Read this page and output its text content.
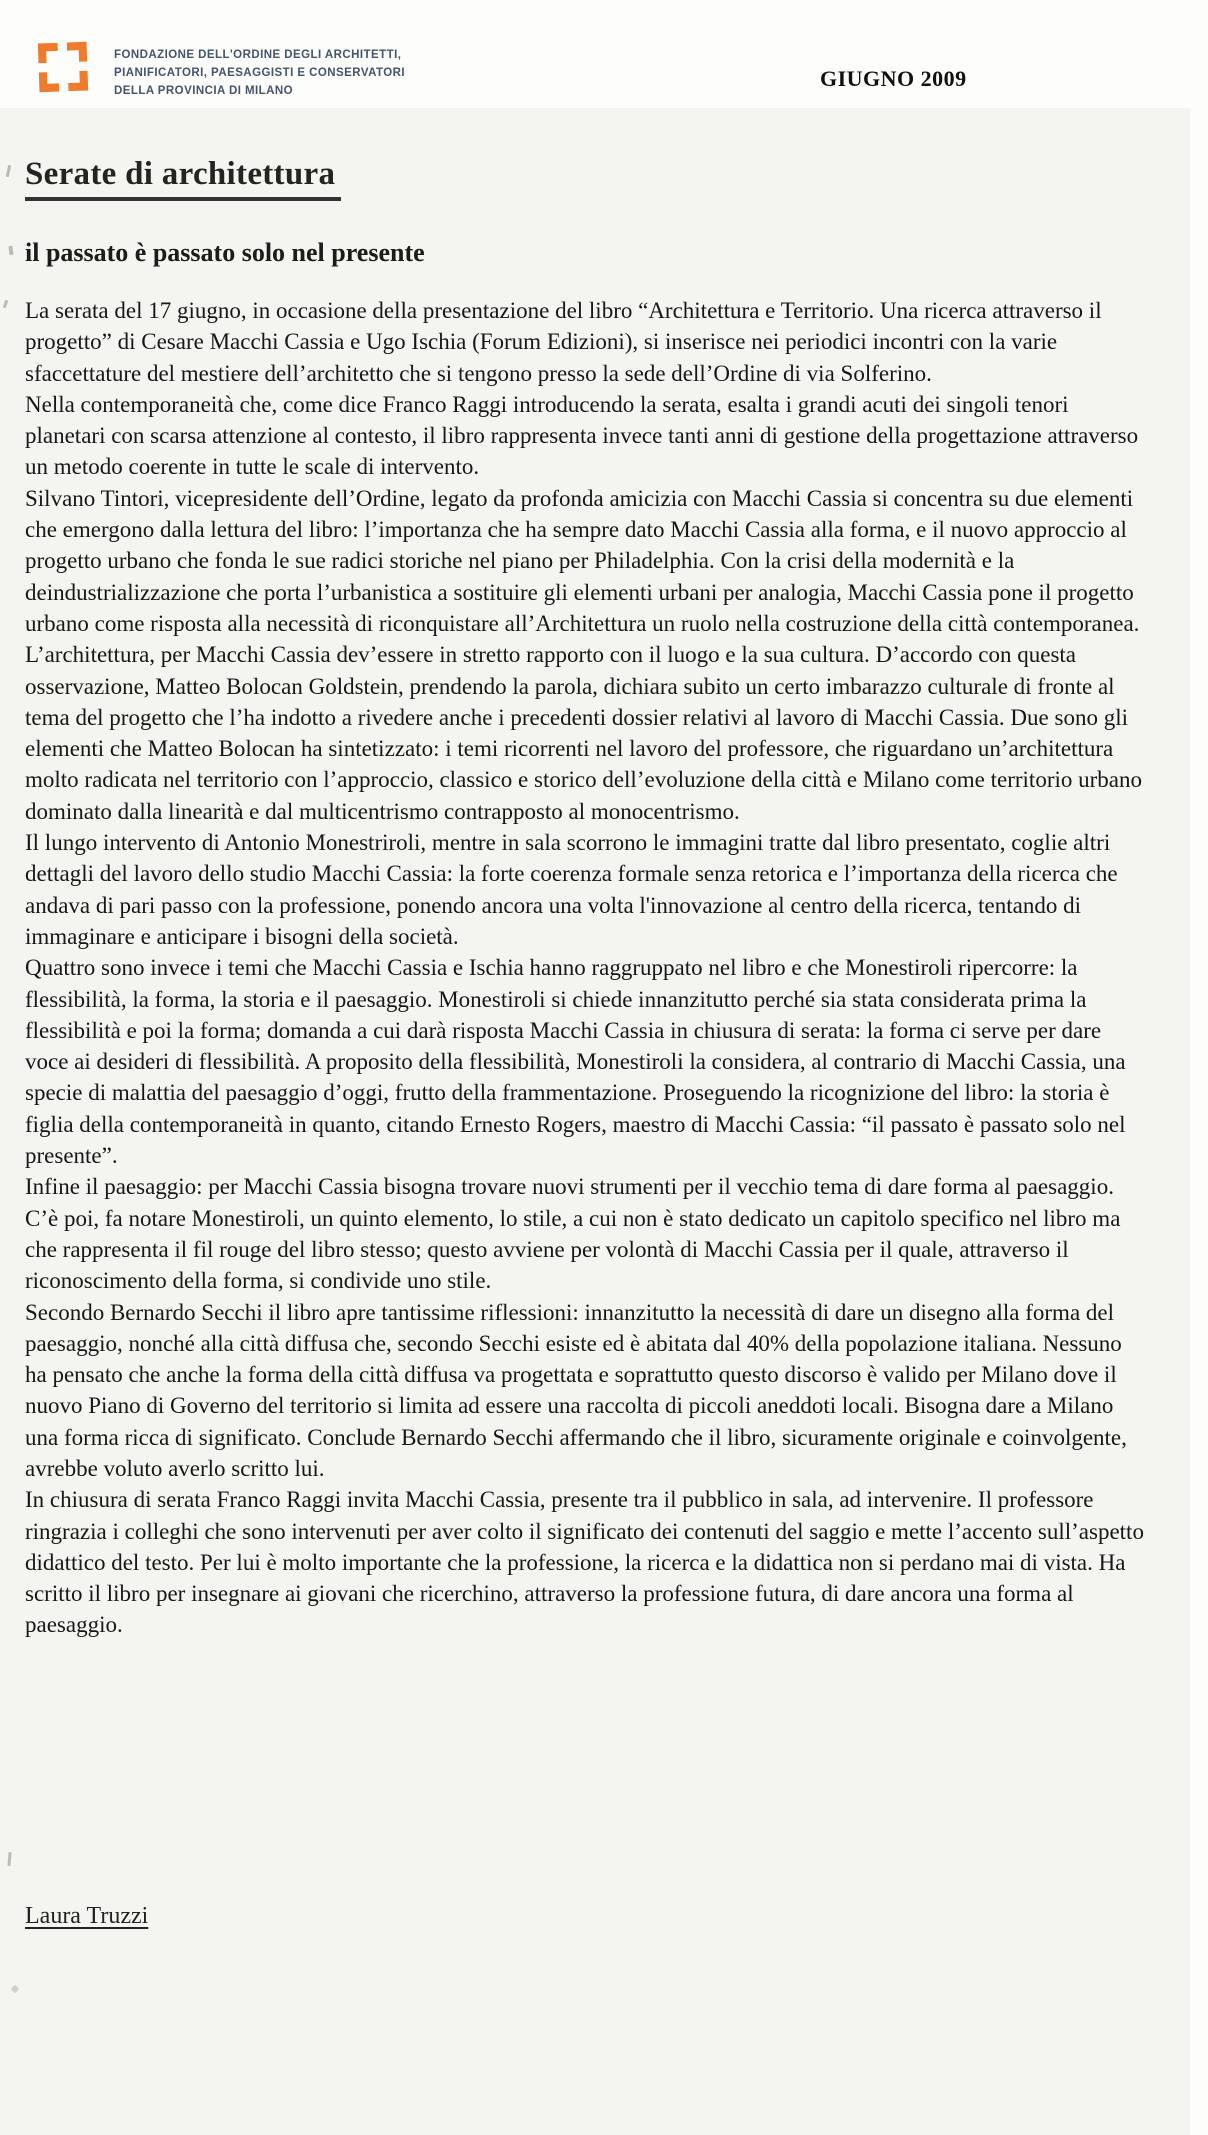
FONDAZIONE DELL'ORDINE DEGLI ARCHITETTI,
PIANIFICATORI, PAESAGGISTI E CONSERVATORI
DELLA PROVINCIA DI MILANO	GIUGNO 2009
Serate di architettura
il passato è passato solo nel presente

La serata del 17 giugno, in occasione della presentazione del libro “Architettura e Territorio. Una ricerca attraverso il progetto” di Cesare Macchi Cassia e Ugo Ischia (Forum Edizioni), si inserisce nei periodici incontri con la varie sfaccettature del mestiere dell’architetto che si tengono presso la sede dell’Ordine di via Solferino.

Nella contemporaneità che, come dice Franco Raggi introducendo la serata, esalta i grandi acuti dei singoli tenori planetari con scarsa attenzione al contesto, il libro rappresenta invece tanti anni di gestione della progettazione attraverso un metodo coerente in tutte le scale di intervento.

Silvano Tintori, vicepresidente dell’Ordine, legato da profonda amicizia con Macchi Cassia si concentra su due elementi che emergono dalla lettura del libro: l’importanza che ha sempre dato Macchi Cassia alla forma, e il nuovo approccio al progetto urbano che fonda le sue radici storiche nel piano per Philadelphia. Con la crisi della modernità e la deindustrializzazione che porta l’urbanistica a sostituire gli elementi urbani per analogia, Macchi Cassia pone il progetto urbano come risposta alla necessità di riconquistare all’Architettura un ruolo nella costruzione della città contemporanea. L’architettura, per Macchi Cassia dev’essere in stretto rapporto con il luogo e la sua cultura. D’accordo con questa osservazione, Matteo Bolocan Goldstein, prendendo la parola, dichiara subito un certo imbarazzo culturale di fronte al tema del progetto che l’ha indotto a rivedere anche i precedenti dossier relativi al lavoro di Macchi Cassia. Due sono gli elementi che Matteo Bolocan ha sintetizzato: i temi ricorrenti nel lavoro del professore, che riguardano un’architettura molto radicata nel territorio con l’approccio, classico e storico dell’evoluzione della città e Milano come territorio urbano dominato dalla linearità e dal multicentrismo contrapposto al monocentrismo.

Il lungo intervento di Antonio Monestriroli, mentre in sala scorrono le immagini tratte dal libro presentato, coglie altri dettagli del lavoro dello studio Macchi Cassia: la forte coerenza formale senza retorica e l’importanza della ricerca che andava di pari passo con la professione, ponendo ancora una volta l'innovazione al centro della ricerca, tentando di immaginare e anticipare i bisogni della società.

Quattro sono invece i temi che Macchi Cassia e Ischia hanno raggruppato nel libro e che Monestiroli ripercorre: la flessibilità, la forma, la storia e il paesaggio. Monestiroli si chiede innanzitutto perché sia stata considerata prima la flessibilità e poi la forma; domanda a cui darà risposta Macchi Cassia in chiusura di serata: la forma ci serve per dare voce ai desideri di flessibilità. A proposito della flessibilità, Monestiroli la considera, al contrario di Macchi Cassia, una specie di malattia del paesaggio d’oggi, frutto della frammentazione. Proseguendo la ricognizione del libro: la storia è figlia della contemporaneità in quanto, citando Ernesto Rogers, maestro di Macchi Cassia: “il passato è passato solo nel presente”.

Infine il paesaggio: per Macchi Cassia bisogna trovare nuovi strumenti per il vecchio tema di dare forma al paesaggio.

C’è poi, fa notare Monestiroli, un quinto elemento, lo stile, a cui non è stato dedicato un capitolo specifico nel libro ma che rappresenta il fil rouge del libro stesso; questo avviene per volontà di Macchi Cassia per il quale, attraverso il riconoscimento della forma, si condivide uno stile.

Secondo Bernardo Secchi il libro apre tantissime riflessioni: innanzitutto la necessità di dare un disegno alla forma del paesaggio, nonché alla città diffusa che, secondo Secchi esiste ed è abitata dal 40% della popolazione italiana. Nessuno ha pensato che anche la forma della città diffusa va progettata e soprattutto questo discorso è valido per Milano dove il nuovo Piano di Governo del territorio si limita ad essere una raccolta di piccoli aneddoti locali. Bisogna dare a Milano una forma ricca di significato. Conclude Bernardo Secchi affermando che il libro, sicuramente originale e coinvolgente, avrebbe voluto averlo scritto lui.

In chiusura di serata Franco Raggi invita Macchi Cassia, presente tra il pubblico in sala, ad intervenire. Il professore ringrazia i colleghi che sono intervenuti per aver colto il significato dei contenuti del saggio e mette l’accento sull’aspetto didattico del testo. Per lui è molto importante che la professione, la ricerca e la didattica non si perdano mai di vista. Ha scritto il libro per insegnare ai giovani che ricerchino, attraverso la professione futura, di dare ancora una forma al paesaggio.

Laura Truzzi
